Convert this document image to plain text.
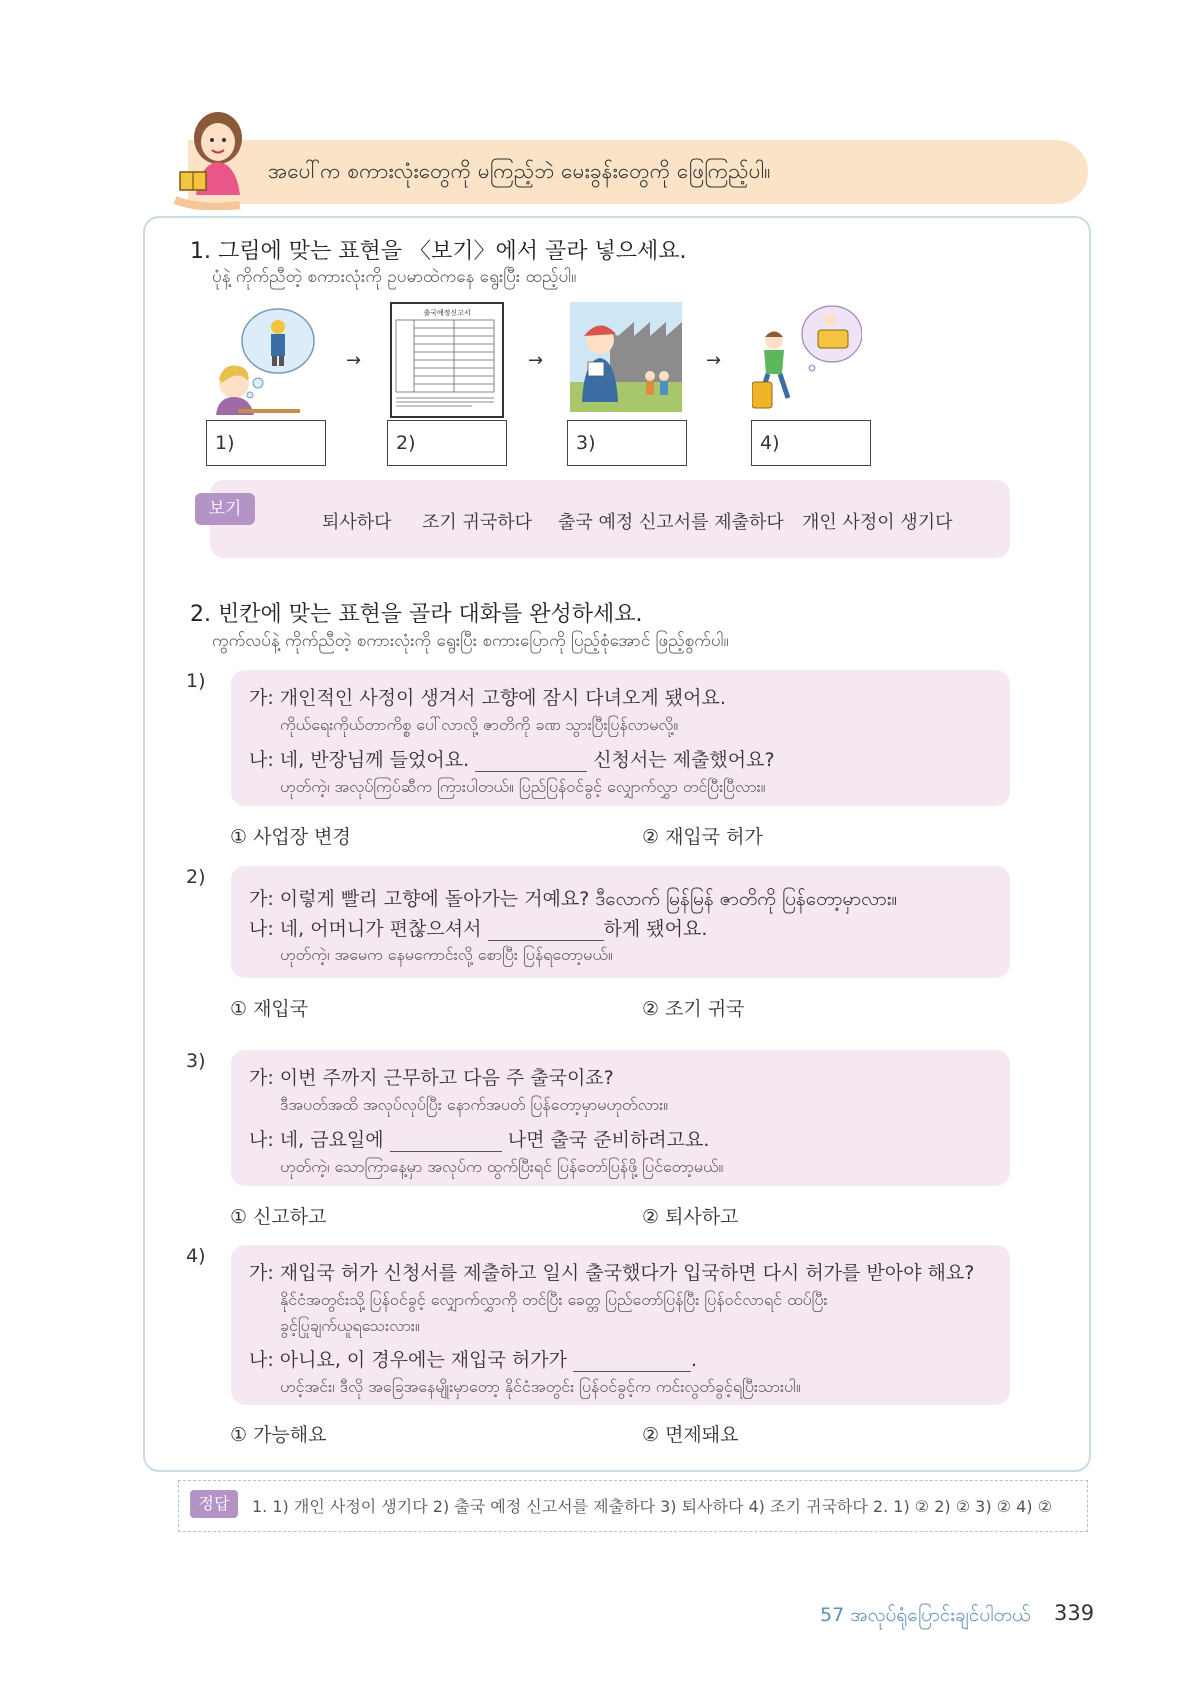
အပေါ်က စကားလုံးတွေကို မကြည့်ဘဲ မေးခွန်းတွေကို ဖြေကြည့်ပါ။
1. 그림에 맞는 표현을 〈보기〉에서 골라 넣으세요.
ပုံနဲ့ ကိုက်ညီတဲ့ စကားလုံးကို ဥပမာထဲကနေ ရွေးပြီး ထည့်ပါ။
→
출국예정신고서
→	→
1)	2)	3)	4)
보기
퇴사하다 조기 귀국하다 출국 예정 신고서를 제출하다 개인 사정이 생기다
2. 빈칸에 맞는 표현을 골라 대화를 완성하세요.
ကွက်လပ်နဲ့ ကိုက်ညီတဲ့ စကားလုံးကို ရွေးပြီး စကားပြောကို ပြည့်စုံအောင် ဖြည့်စွက်ပါ။
1)
가: 개인적인 사정이 생겨서 고향에 잠시 다녀오게 됐어요.
ကိုယ်ရေးကိုယ်တာကိစ္စ ပေါ်လာလို့ ဇာတိကို ခဏ သွားပြီးပြန်လာမလို့။
나: 네, 반장님께 들었어요.	신청서는 제출했어요?
ဟုတ်ကဲ့၊ အလုပ်ကြပ်ဆီက ကြားပါတယ်။ ပြည်ပြန်ဝင်ခွင့် လျှောက်လွှာ တင်ပြီးပြီလား။
① 사업장 변경	② 재입국 허가
2)
가: 이렇게 빨리 고향에 돌아가는 거예요? ဒီလောက် မြန်မြန် ဇာတိကို ပြန်တော့မှာလား။
나: 네, 어머니가 편찮으셔서	하게 됐어요.
ဟုတ်ကဲ့၊ အမေက နေမကောင်းလို့ စောပြီး ပြန်ရတော့မယ်။
① 재입국	② 조기 귀국
3)
가: 이번 주까지 근무하고 다음 주 출국이죠?
ဒီအပတ်အထိ အလုပ်လုပ်ပြီး နောက်အပတ် ပြန်တော့မှာမဟုတ်လား။
나: 네, 금요일에	나면 출국 준비하려고요.
ဟုတ်ကဲ့၊ သောကြာနေ့မှာ အလုပ်က ထွက်ပြီးရင် ပြန်တော်ပြန်ဖို့ ပြင်တော့မယ်။
① 신고하고	② 퇴사하고
4)
가: 재입국 허가 신청서를 제출하고 일시 출국했다가 입국하면 다시 허가를 받아야 해요?
နိုင်ငံအတွင်းသို့ ပြန်ဝင်ခွင့် လျှောက်လွှာကို တင်ပြီး ခေတ္တ ပြည်တော်ပြန်ပြီး ပြန်ဝင်လာရင် ထပ်ပြီး
ခွင့်ပြုချက်ယူရသေးလား။
나: 아니요, 이 경우에는 재입국 허가가	.
ဟင့်အင်း၊ ဒီလို အခြေအနေမျိုးမှာတော့ နိုင်ငံအတွင်း ပြန်ဝင်ခွင့်က ကင်းလွတ်ခွင့်ရပြီးသားပါ။
① 가능해요	② 면제돼요
정답	1. 1) 개인 사정이 생기다 2) 출국 예정 신고서를 제출하다 3) 퇴사하다 4) 조기 귀국하다 2. 1) ② 2) ② 3) ② 4) ②
57 အလုပ်ရုံပြောင်းချင်ပါတယ် 339
